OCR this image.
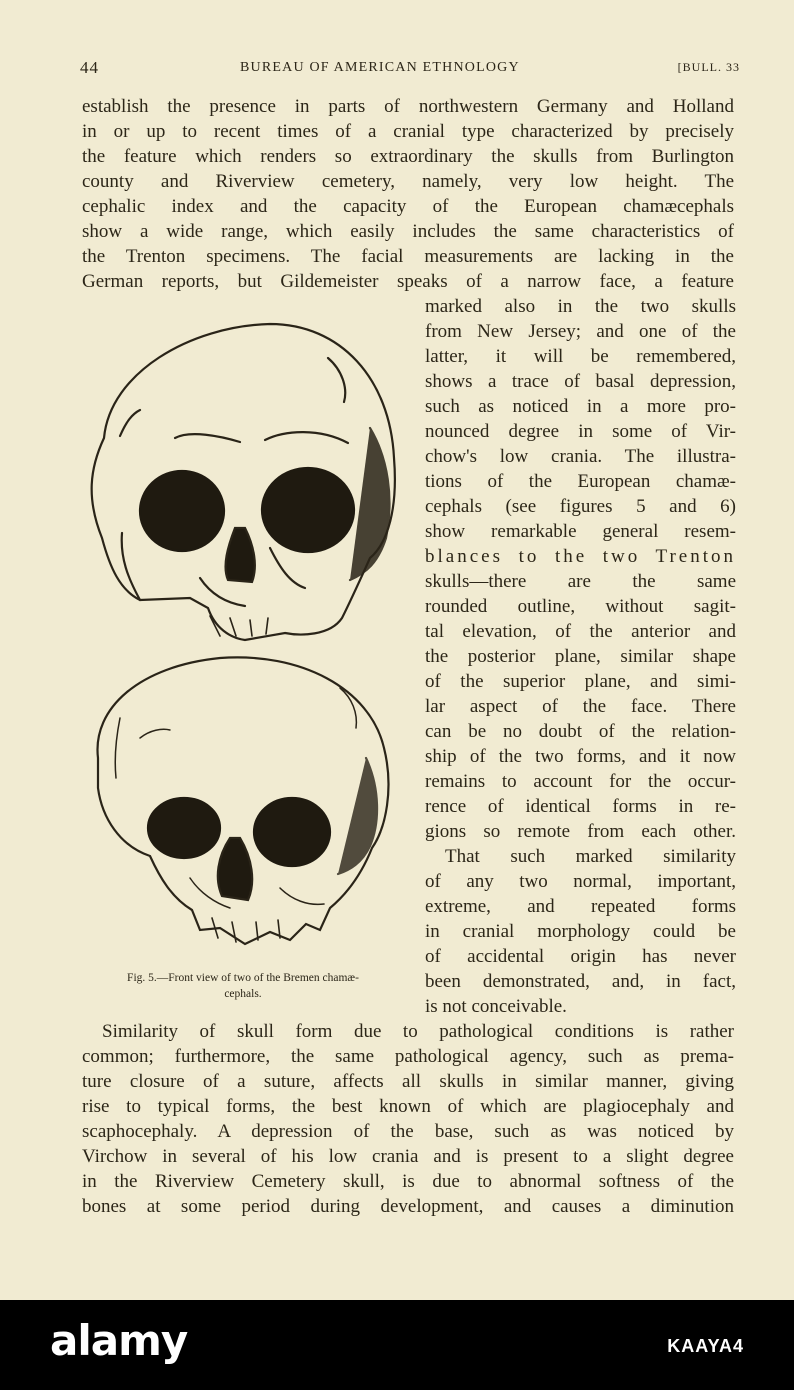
44	BUREAU OF AMERICAN ETHNOLOGY	[BULL. 33
establish the presence in parts of northwestern Germany and Holland
in or up to recent times of a cranial type characterized by precisely
the feature which renders so extraordinary the skulls from Burlington
county and Riverview cemetery, namely, very low height. The
cephalic index and the capacity of the European chamæcephals
show a wide range, which easily includes the same characteristics of
the Trenton specimens. The facial measurements are lacking in the
German reports, but Gildemeister speaks of a narrow face, a feature
marked also in the two skulls
from New Jersey; and one of the
latter, it will be remembered,
shows a trace of basal depression,
such as noticed in a more pro-
nounced degree in some of Vir-
chow's low crania. The illustra-
tions of the European chamæ-
cephals (see figures 5 and 6)
show remarkable general resem-
blances to the two Trenton
skulls—there are the same
rounded outline, without sagit-
tal elevation, of the anterior and
the posterior plane, similar shape
of the superior plane, and simi-
lar aspect of the face. There
can be no doubt of the relation-
ship of the two forms, and it now
remains to account for the occur-
rence of identical forms in re-
gions so remote from each other.
That such marked similarity
of any two normal, important,
extreme, and repeated forms
in cranial morphology could be
of accidental origin has never
been demonstrated, and, in fact,
is not conceivable.
Similarity of skull form due to pathological conditions is rather
common; furthermore, the same pathological agency, such as prema-
ture closure of a suture, affects all skulls in similar manner, giving
rise to typical forms, the best known of which are plagiocephaly and
scaphocephaly. A depression of the base, such as was noticed by
Virchow in several of his low crania and is present to a slight degree
in the Riverview Cemetery skull, is due to abnormal softness of the
bones at some period during development, and causes a diminution
Fig. 5.—Front view of two of the Bremen chamæ-
cephals.
alamy	KAAYA4
